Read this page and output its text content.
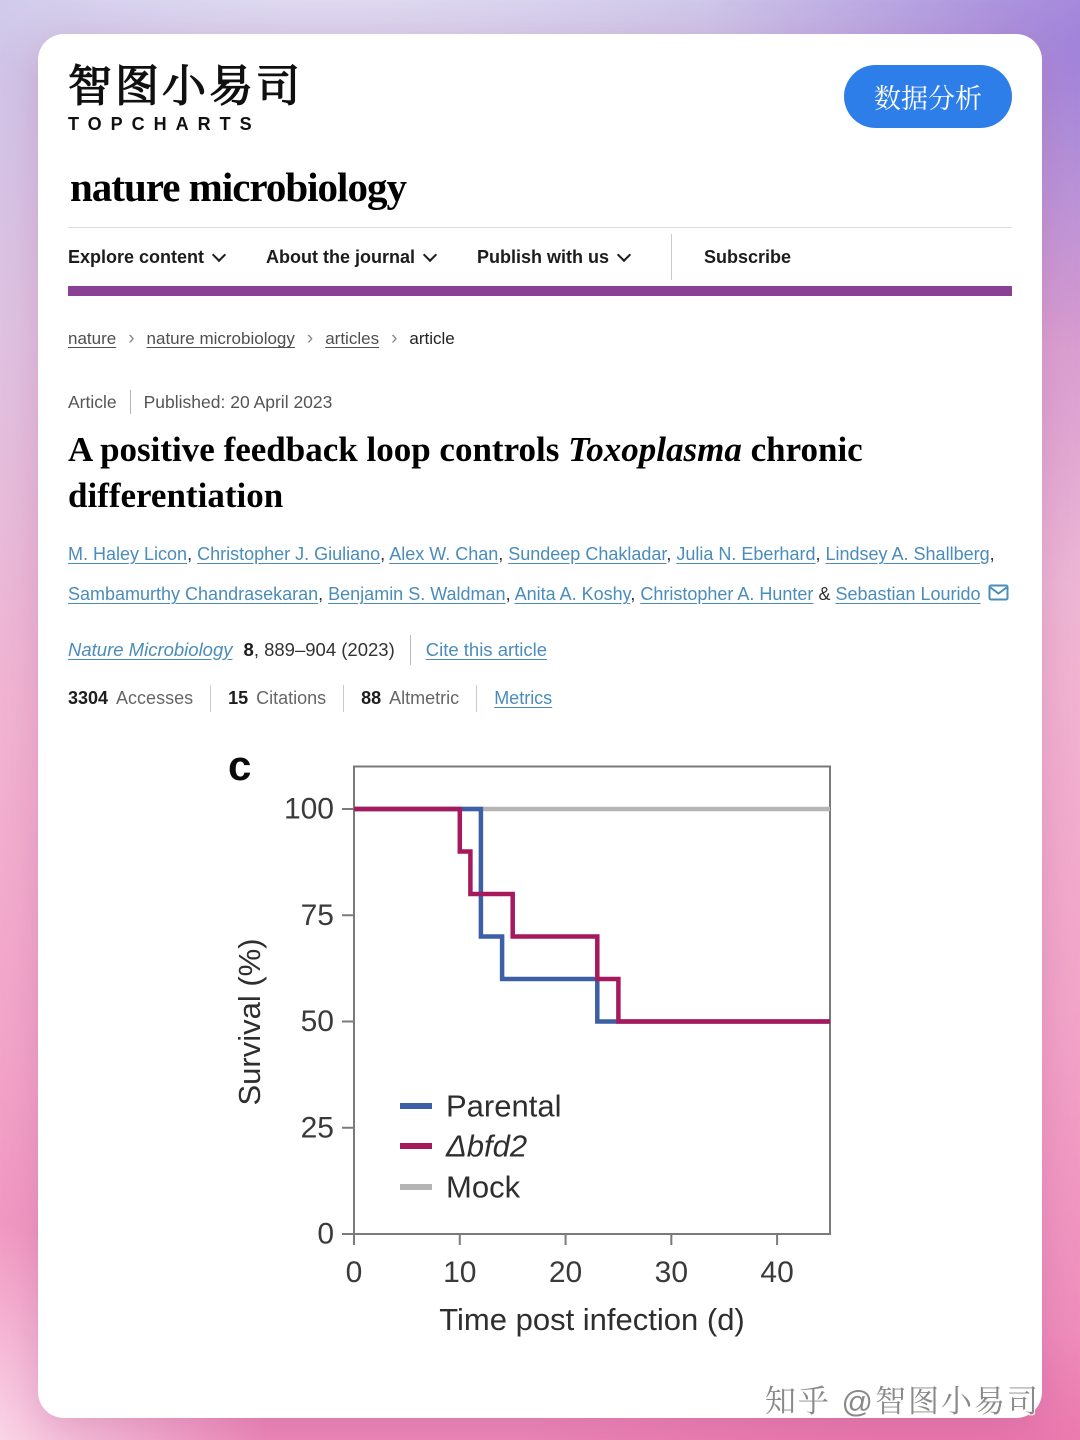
智图小易司
TOPCHARTS
数据分析
nature microbiology
Explore content	About the journal	Publish with us	Subscribe
nature › nature microbiology › articles › article
Article Published: 20 April 2023
A positive feedback loop controls Toxoplasma chronic differentiation
M. Haley Licon, Christopher J. Giuliano, Alex W. Chan, Sundeep Chakladar, Julia N. Eberhard, Lindsey A. Shallberg, Sambamurthy Chandrasekaran, Benjamin S. Waldman, Anita A. Koshy, Christopher A. Hunter & Sebastian Lourido
Nature Microbiology 8 , 889–904 (2023) Cite this article
3304 Accesses 15 Citations 88 Altmetric Metrics
0	10 20 30 40
0
25
50
75
100
Survival (%)
Time post infection (d)
c
Parental
Δbfd2
Mock
知乎 @智图小易司
